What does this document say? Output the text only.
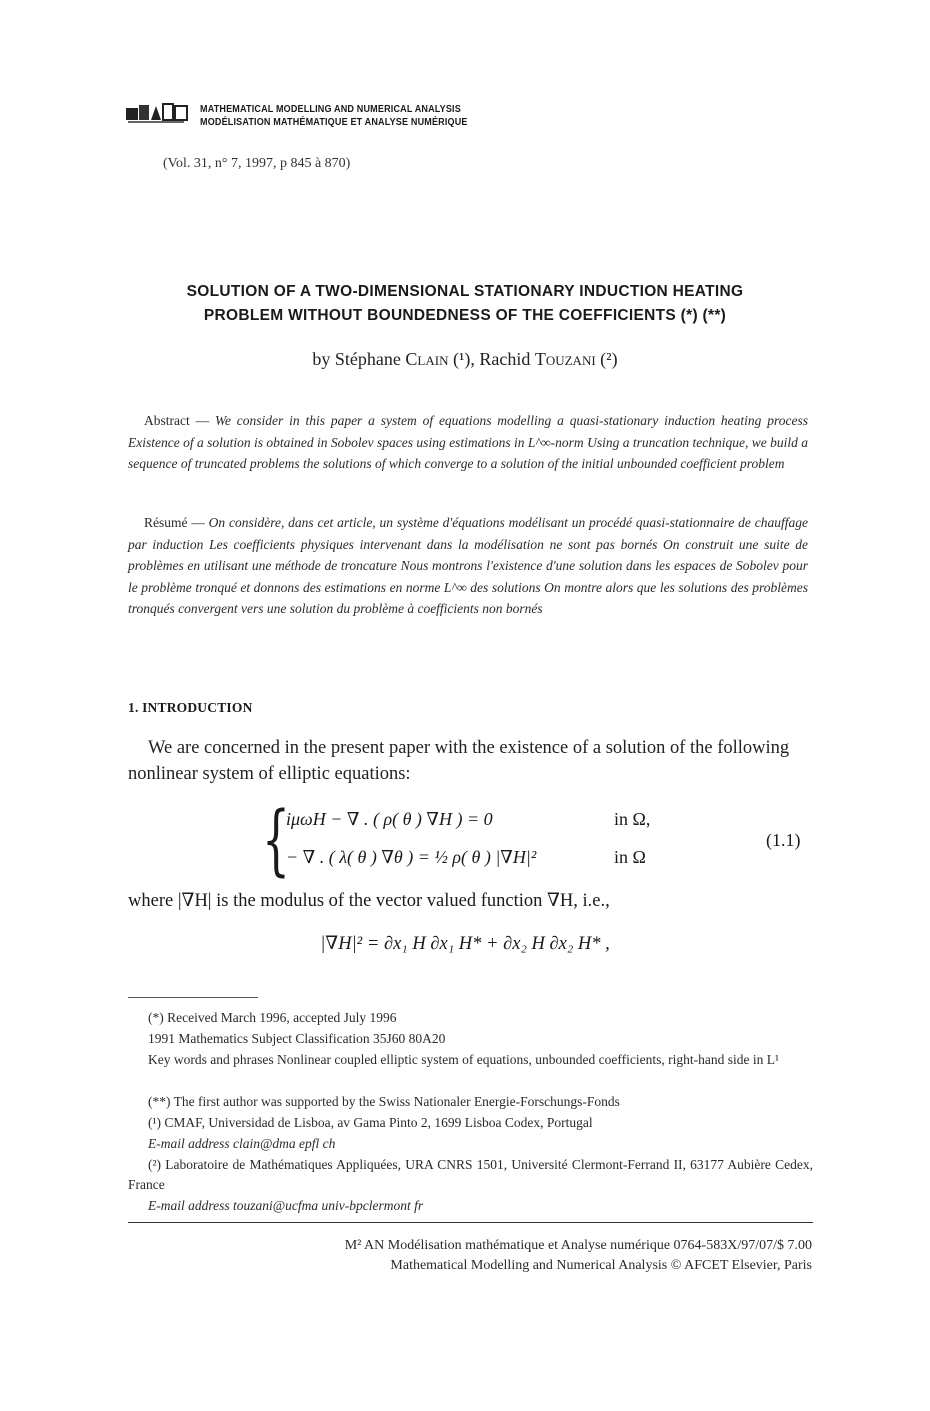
MATHEMATICAL MODELLING AND NUMERICAL ANALYSIS
MODÉLISATION MATHÉMATIQUE ET ANALYSE NUMÉRIQUE
(Vol. 31, n° 7, 1997, p 845 à 870)
SOLUTION OF A TWO-DIMENSIONAL STATIONARY INDUCTION HEATING
PROBLEM WITHOUT BOUNDEDNESS OF THE COEFFICIENTS (*) (**)
by Stéphane Clain (¹), Rachid Touzani (²)
Abstract — We consider in this paper a system of equations modelling a quasi-stationary induction heating process Existence of a solution is obtained in Sobolev spaces using estimations in L^∞-norm Using a truncation technique, we build a sequence of truncated problems the solutions of which converge to a solution of the initial unbounded coefficient problem
Résumé — On considère, dans cet article, un système d'équations modélisant un procédé quasi-stationnaire de chauffage par induction Les coefficients physiques intervenant dans la modélisation ne sont pas bornés On construit une suite de problèmes en utilisant une méthode de troncature Nous montrons l'existence d'une solution dans les espaces de Sobolev pour le problème tronqué et donnons des estimations en norme L^∞ des solutions On montre alors que les solutions des problèmes tronqués convergent vers une solution du problème à coefficients non bornés
1. INTRODUCTION
We are concerned in the present paper with the existence of a solution of the following nonlinear system of elliptic equations:
{
iμωH − ∇ . ( ρ( θ ) ∇H ) = 0	in Ω,
− ∇ . ( λ( θ ) ∇θ ) = ½ ρ( θ ) |∇H|²	in Ω
(1.1)
where |∇H| is the modulus of the vector valued function ∇H, i.e.,
|∇H|² = ∂x₁ H ∂x₁ H* + ∂x₂ H ∂x₂ H* ,
(*) Received March 1996, accepted July 1996
1991 Mathematics Subject Classification 35J60 80A20
Key words and phrases Nonlinear coupled elliptic system of equations, unbounded coefficients, right-hand side in L¹
(**) The first author was supported by the Swiss Nationaler Energie-Forschungs-Fonds
(¹) CMAF, Universidad de Lisboa, av Gama Pinto 2, 1699 Lisboa Codex, Portugal
E-mail address clain@dma epfl ch
(²) Laboratoire de Mathématiques Appliquées, URA CNRS 1501, Université Clermont-Ferrand II, 63177 Aubière Cedex, France
E-mail address touzani@ucfma univ-bpclermont fr
M² AN Modélisation mathématique et Analyse numérique 0764-583X/97/07/$ 7.00
Mathematical Modelling and Numerical Analysis © AFCET Elsevier, Paris
